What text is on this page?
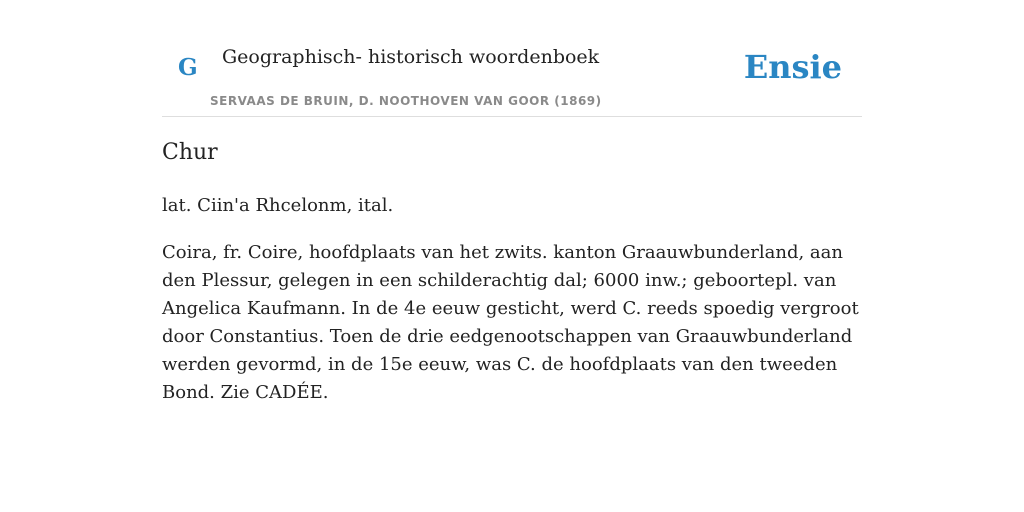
G Geographisch- historisch woordenboek
SERVAAS DE BRUIN, D. NOOTHOVEN VAN GOOR (1869)
Ensie
Chur

lat. Ciin'a Rhcelonm, ital.

Coira, fr. Coire, hoofdplaats van het zwits. kanton Graauwbunderland, aan den Plessur, gelegen in een schilderachtig dal; 6000 inw.; geboortepl. van Angelica Kaufmann. In de 4e eeuw gesticht, werd C. reeds spoedig vergroot door Constantius. Toen de drie eedgenootschappen van Graauwbunderland werden gevormd, in de 15e eeuw, was C. de hoofdplaats van den tweeden Bond. Zie CADÉE.
